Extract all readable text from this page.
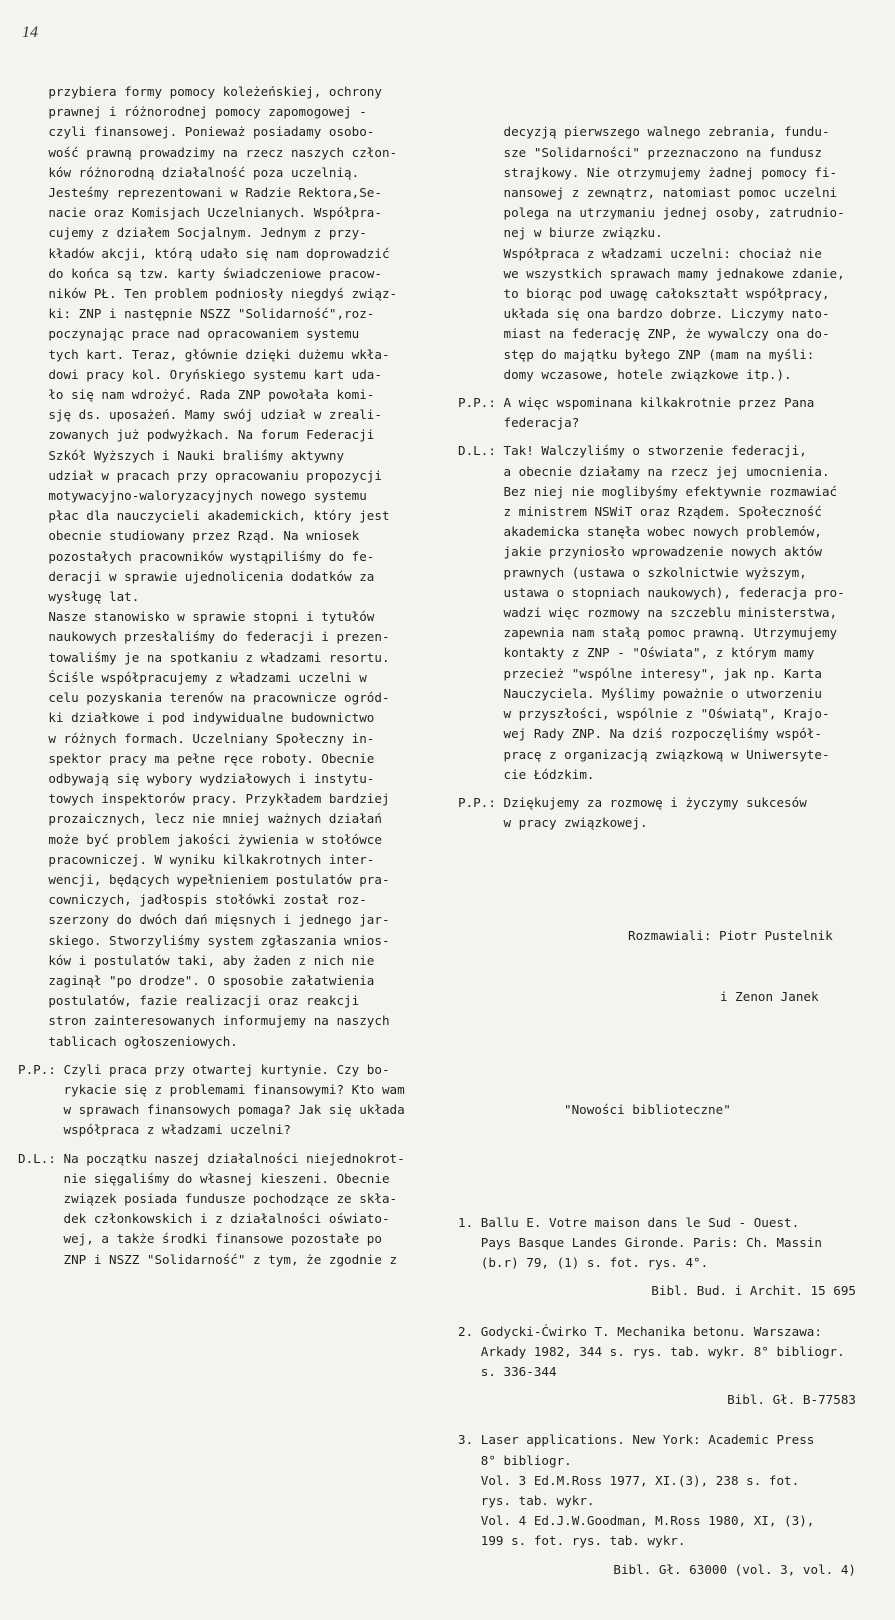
14
przybiera formy pomocy koleżeńskiej, ochrony
prawnej i różnorodnej pomocy zapomogowej -
czyli finansowej. Ponieważ posiadamy osobo-
wość prawną prowadzimy na rzecz naszych człon-
ków różnorodną działalność poza uczelnią.
Jesteśmy reprezentowani w Radzie Rektora,Se-
nacie oraz Komisjach Uczelnianych. Współpra-
cujemy z działem Socjalnym. Jednym z przy-
kładów akcji, którą udało się nam doprowadzić
do końca są tzw. karty świadczeniowe pracow-
ników PŁ. Ten problem podniosły niegdyś związ-
ki: ZNP i następnie NSZZ "Solidarność",roz-
poczynając prace nad opracowaniem systemu
tych kart. Teraz, głównie dzięki dużemu wkła-
dowi pracy kol. Oryńskiego systemu kart uda-
ło się nam wdrożyć. Rada ZNP powołała komi-
sję ds. uposażeń. Mamy swój udział w zreali-
zowanych już podwyżkach. Na forum Federacji
Szkół Wyższych i Nauki braliśmy aktywny
udział w pracach przy opracowaniu propozycji
motywacyjno-waloryzacyjnych nowego systemu
płac dla nauczycieli akademickich, który jest
obecnie studiowany przez Rząd. Na wniosek
pozostałych pracowników wystąpiliśmy do fe-
deracji w sprawie ujednolicenia dodatków za
wysługę lat.
Nasze stanowisko w sprawie stopni i tytułów
naukowych przesłaliśmy do federacji i prezen-
towaliśmy je na spotkaniu z władzami resortu.
Ściśle współpracujemy z władzami uczelni w
celu pozyskania terenów na pracownicze ogród-
ki działkowe i pod indywidualne budownictwo
w różnych formach. Uczelniany Społeczny in-
spektor pracy ma pełne ręce roboty. Obecnie
odbywają się wybory wydziałowych i instytu-
towych inspektorów pracy. Przykładem bardziej
prozaicznych, lecz nie mniej ważnych działań
może być problem jakości żywienia w stołówce
pracowniczej. W wyniku kilkakrotnych inter-
wencji, będących wypełnieniem postulatów pra-
cowniczych, jadłospis stołówki został roz-
szerzony do dwóch dań mięsnych i jednego jar-
skiego. Stworzyliśmy system zgłaszania wnios-
ków i postulatów taki, aby żaden z nich nie
zaginął "po drodze". O sposobie załatwienia
postulatów, fazie realizacji oraz reakcji
stron zainteresowanych informujemy na naszych
tablicach ogłoszeniowych.
P.P.: Czyli praca przy otwartej kurtynie. Czy bo-
rykacie się z problemami finansowymi? Kto wam
w sprawach finansowych pomaga? Jak się układa
współpraca z władzami uczelni?
D.L.: Na początku naszej działalności niejednokrot-
nie sięgaliśmy do własnej kieszeni. Obecnie
związek posiada fundusze pochodzące ze skła-
dek członkowskich i z działalności oświato-
wej, a także środki finansowe pozostałe po
ZNP i NSZZ "Solidarność" z tym, że zgodnie z

decyzją pierwszego walnego zebrania, fundu-
sze "Solidarności" przeznaczono na fundusz
strajkowy. Nie otrzymujemy żadnej pomocy fi-
nansowej z zewnątrz, natomiast pomoc uczelni
polega na utrzymaniu jednej osoby, zatrudnio-
nej w biurze związku.
Współpraca z władzami uczelni: chociaż nie
we wszystkich sprawach mamy jednakowe zdanie,
to biorąc pod uwagę całokształt współpracy,
układa się ona bardzo dobrze. Liczymy nato-
miast na federację ZNP, że wywalczy ona do-
stęp do majątku byłego ZNP (mam na myśli:
domy wczasowe, hotele związkowe itp.).
P.P.: A więc wspominana kilkakrotnie przez Pana
federacja?
D.L.: Tak! Walczyliśmy o stworzenie federacji,
a obecnie działamy na rzecz jej umocnienia.
Bez niej nie moglibyśmy efektywnie rozmawiać
z ministrem NSWiT oraz Rządem. Społeczność
akademicka stanęła wobec nowych problemów,
jakie przyniosło wprowadzenie nowych aktów
prawnych (ustawa o szkolnictwie wyższym,
ustawa o stopniach naukowych), federacja pro-
wadzi więc rozmowy na szczeblu ministerstwa,
zapewnia nam stałą pomoc prawną. Utrzymujemy
kontakty z ZNP - "Oświata", z którym mamy
przecież "wspólne interesy", jak np. Karta
Nauczyciela. Myślimy poważnie o utworzeniu
w przyszłości, wspólnie z "Oświatą", Krajo-
wej Rady ZNP. Na dziś rozpoczęliśmy współ-
pracę z organizacją związkową w Uniwersyte-
cie Łódzkim.
P.P.: Dziękujemy za rozmowę i życzymy sukcesów
w pracy związkowej.

Rozmawiali: Piotr Pustelnik

i Zenon Janek

"Nowości biblioteczne"

1. Ballu E. Votre maison dans le Sud - Ouest.
Pays Basque Landes Gironde. Paris: Ch. Massin
(b.r) 79, (1) s. fot. rys. 4°.
Bibl. Bud. i Archit. 15 695
2. Godycki-Ćwirko T. Mechanika betonu. Warszawa:
Arkady 1982, 344 s. rys. tab. wykr. 8° bibliogr.
s. 336-344
Bibl. Gł. B-77583
3. Laser applications. New York: Academic Press
8° bibliogr.
Vol. 3 Ed.M.Ross 1977, XI.(3), 238 s. fot.
rys. tab. wykr.
Vol. 4 Ed.J.W.Goodman, M.Ross 1980, XI, (3),
199 s. fot. rys. tab. wykr.
Bibl. Gł. 63000 (vol. 3, vol. 4)
